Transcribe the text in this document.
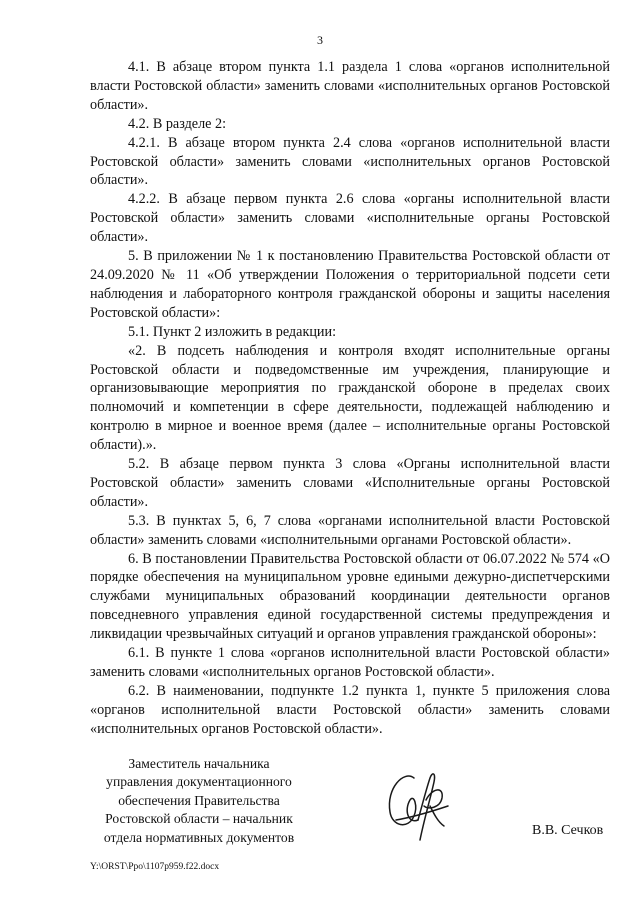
3

4.1. В абзаце втором пункта 1.1 раздела 1 слова «органов исполнительной власти Ростовской области» заменить словами «исполнительных органов Ростовской области».

4.2. В разделе 2:

4.2.1. В абзаце втором пункта 2.4 слова «органов исполнительной власти Ростовской области» заменить словами «исполнительных органов Ростовской области».

4.2.2. В абзаце первом пункта 2.6 слова «органы исполнительной власти Ростовской области» заменить словами «исполнительные органы Ростовской области».

5. В приложении № 1 к постановлению Правительства Ростовской области от 24.09.2020 № 11 «Об утверждении Положения о территориальной подсети сети наблюдения и лабораторного контроля гражданской обороны и защиты населения Ростовской области»:

5.1. Пункт 2 изложить в редакции:

«2. В подсеть наблюдения и контроля входят исполнительные органы Ростовской области и подведомственные им учреждения, планирующие и организовывающие мероприятия по гражданской обороне в пределах своих полномочий и компетенции в сфере деятельности, подлежащей наблюдению и контролю в мирное и военное время (далее – исполнительные органы Ростовской области).».

5.2. В абзаце первом пункта 3 слова «Органы исполнительной власти Ростовской области» заменить словами «Исполнительные органы Ростовской области».

5.3. В пунктах 5, 6, 7 слова «органами исполнительной власти Ростовской области» заменить словами «исполнительными органами Ростовской области».

6. В постановлении Правительства Ростовской области от 06.07.2022 № 574 «О порядке обеспечения на муниципальном уровне едиными дежурно-диспетчерскими службами муниципальных образований координации деятельности органов повседневного управления единой государственной системы предупреждения и ликвидации чрезвычайных ситуаций и органов управления гражданской обороны»:

6.1. В пункте 1 слова «органов исполнительной власти Ростовской области» заменить словами «исполнительных органов Ростовской области».

6.2. В наименовании, подпункте 1.2 пункта 1, пункте 5 приложения слова «органов исполнительной власти Ростовской области» заменить словами «исполнительных органов Ростовской области».

Заместитель начальника
управления документационного
обеспечения Правительства
Ростовской области – начальник
отдела нормативных документов	В.В. Сечков
Y:\ORST\Ppo\1107p959.f22.docx
